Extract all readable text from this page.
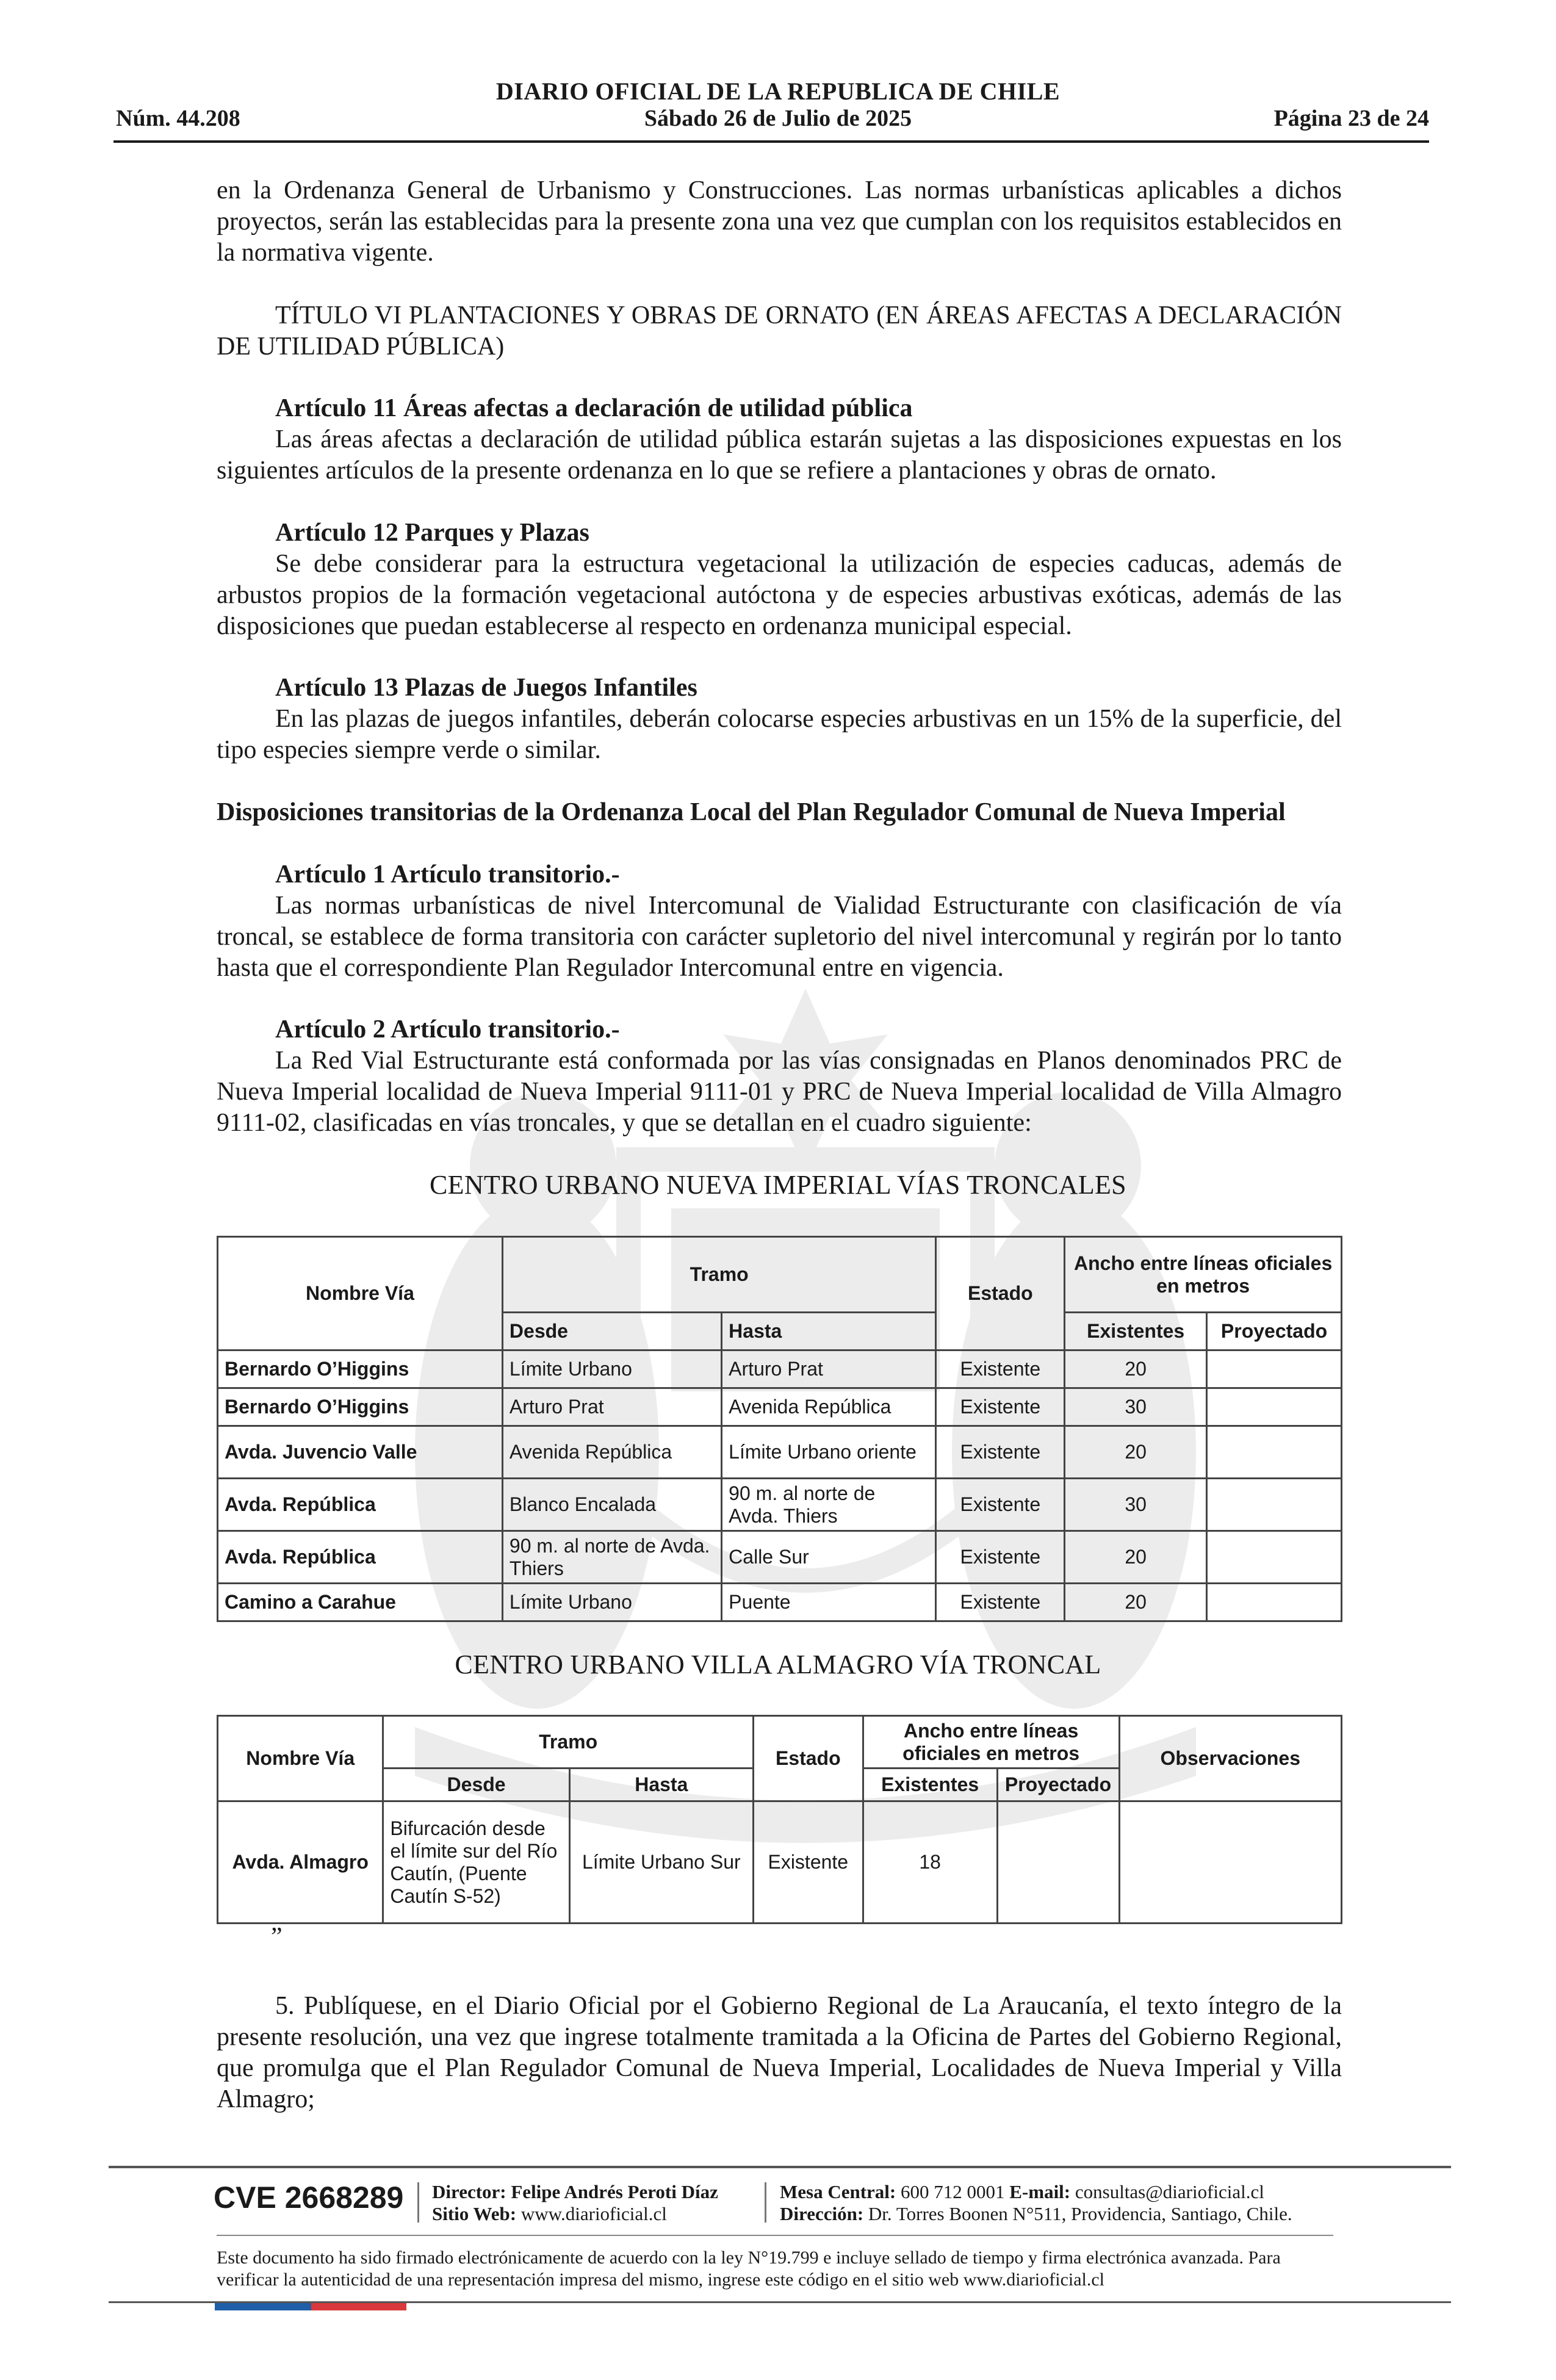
DIARIO OFICIAL DE LA REPUBLICA DE CHILE
Núm. 44.208	Sábado 26 de Julio de 2025	Página 23 de 24
en la Ordenanza General de Urbanismo y Construcciones. Las normas urbanísticas aplicables a dichos proyectos, serán las establecidas para la presente zona una vez que cumplan con los requisitos establecidos en la normativa vigente.
TÍTULO VI PLANTACIONES Y OBRAS DE ORNATO (EN ÁREAS AFECTAS A DECLARACIÓN DE UTILIDAD PÚBLICA)
Artículo 11 Áreas afectas a declaración de utilidad pública
Las áreas afectas a declaración de utilidad pública estarán sujetas a las disposiciones expuestas en los siguientes artículos de la presente ordenanza en lo que se refiere a plantaciones y obras de ornato.
Artículo 12 Parques y Plazas
Se debe considerar para la estructura vegetacional la utilización de especies caducas, además de arbustos propios de la formación vegetacional autóctona y de especies arbustivas exóticas, además de las disposiciones que puedan establecerse al respecto en ordenanza municipal especial.
Artículo 13 Plazas de Juegos Infantiles
En las plazas de juegos infantiles, deberán colocarse especies arbustivas en un 15% de la superficie, del tipo especies siempre verde o similar.
Disposiciones transitorias de la Ordenanza Local del Plan Regulador Comunal de Nueva Imperial
Artículo 1 Artículo transitorio.-
Las normas urbanísticas de nivel Intercomunal de Vialidad Estructurante con clasificación de vía troncal, se establece de forma transitoria con carácter supletorio del nivel intercomunal y regirán por lo tanto hasta que el correspondiente Plan Regulador Intercomunal entre en vigencia.
Artículo 2 Artículo transitorio.-
La Red Vial Estructurante está conformada por las vías consignadas en Planos denominados PRC de Nueva Imperial localidad de Nueva Imperial 9111-01 y PRC de Nueva Imperial localidad de Villa Almagro 9111-02, clasificadas en vías troncales, y que se detallan en el cuadro siguiente:
CENTRO URBANO NUEVA IMPERIAL VÍAS TRONCALES
Nombre Vía	Tramo		Estado	Ancho entre líneas oficiales en metros	
	Desde	Hasta		Existentes	Proyectado
Bernardo O’Higgins	Límite Urbano	Arturo Prat	Existente	20	
Bernardo O’Higgins	Arturo Prat	Avenida República	Existente	30	
Avda. Juvencio Valle	Avenida República	Límite Urbano oriente	Existente	20	
Avda. República	Blanco Encalada	90 m. al norte de Avda. Thiers	Existente	30	
Avda. República	90 m. al norte de Avda. Thiers	Calle Sur	Existente	20	
Camino a Carahue	Límite Urbano	Puente	Existente	20	
CENTRO URBANO VILLA ALMAGRO VÍA TRONCAL
Nombre Vía	Tramo		Estado	Ancho entre líneas oficiales en metros		Observaciones
	Desde	Hasta		Existentes	Proyectado	
Avda. Almagro	Bifurcación desde el límite sur del Río Cautín, (Puente Cautín S-52)	Límite Urbano Sur	Existente	18		
”
5. Publíquese, en el Diario Oficial por el Gobierno Regional de La Araucanía, el texto íntegro de la presente resolución, una vez que ingrese totalmente tramitada a la Oficina de Partes del Gobierno Regional, que promulga que el Plan Regulador Comunal de Nueva Imperial, Localidades de Nueva Imperial y Villa Almagro;
CVE 2668289 Director: Felipe Andrés Peroti Díaz
Sitio Web: www.diarioficial.cl
Mesa Central: 600 712 0001 E-mail: consultas@diarioficial.cl
Dirección: Dr. Torres Boonen N°511, Providencia, Santiago, Chile.
Este documento ha sido firmado electrónicamente de acuerdo con la ley N°19.799 e incluye sellado de tiempo y firma electrónica avanzada. Para verificar la autenticidad de una representación impresa del mismo, ingrese este código en el sitio web www.diarioficial.cl
